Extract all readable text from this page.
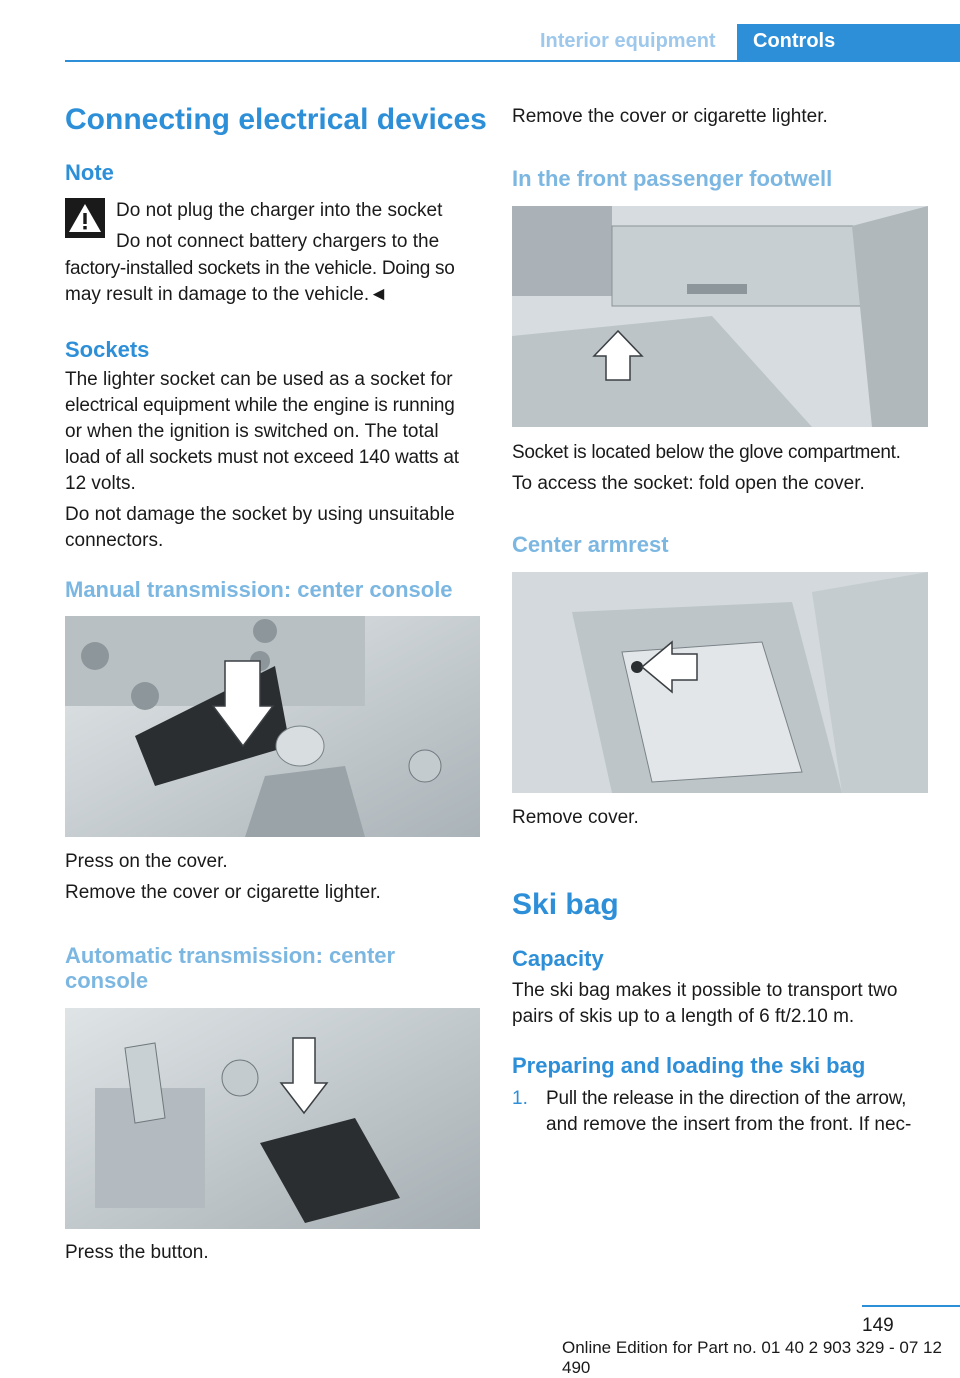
Interior equipment Controls
Connecting electrical devices
Note
Do not plug the charger into the socket
Do not connect battery chargers to the
factory-installed sockets in the vehicle. Doing so
may result in damage to the vehicle.◄
Sockets
The lighter socket can be used as a socket for
electrical equipment while the engine is running
or when the ignition is switched on. The total
load of all sockets must not exceed 140 watts at
12 volts.
Do not damage the socket by using unsuitable
connectors.
Manual transmission: center console
Press on the cover.
Remove the cover or cigarette lighter.
Automatic transmission: center
console
Press the button.
Remove the cover or cigarette lighter.
In the front passenger footwell
Socket is located below the glove compartment.
To access the socket: fold open the cover.
Center armrest
Remove cover.
Ski bag
Capacity
The ski bag makes it possible to transport two
pairs of skis up to a length of 6 ft/2.10 m.
Preparing and loading the ski bag
1. Pull the release in the direction of the arrow,
and remove the insert from the front. If nec-
149
Online Edition for Part no. 01 40 2 903 329 - 07 12 490
